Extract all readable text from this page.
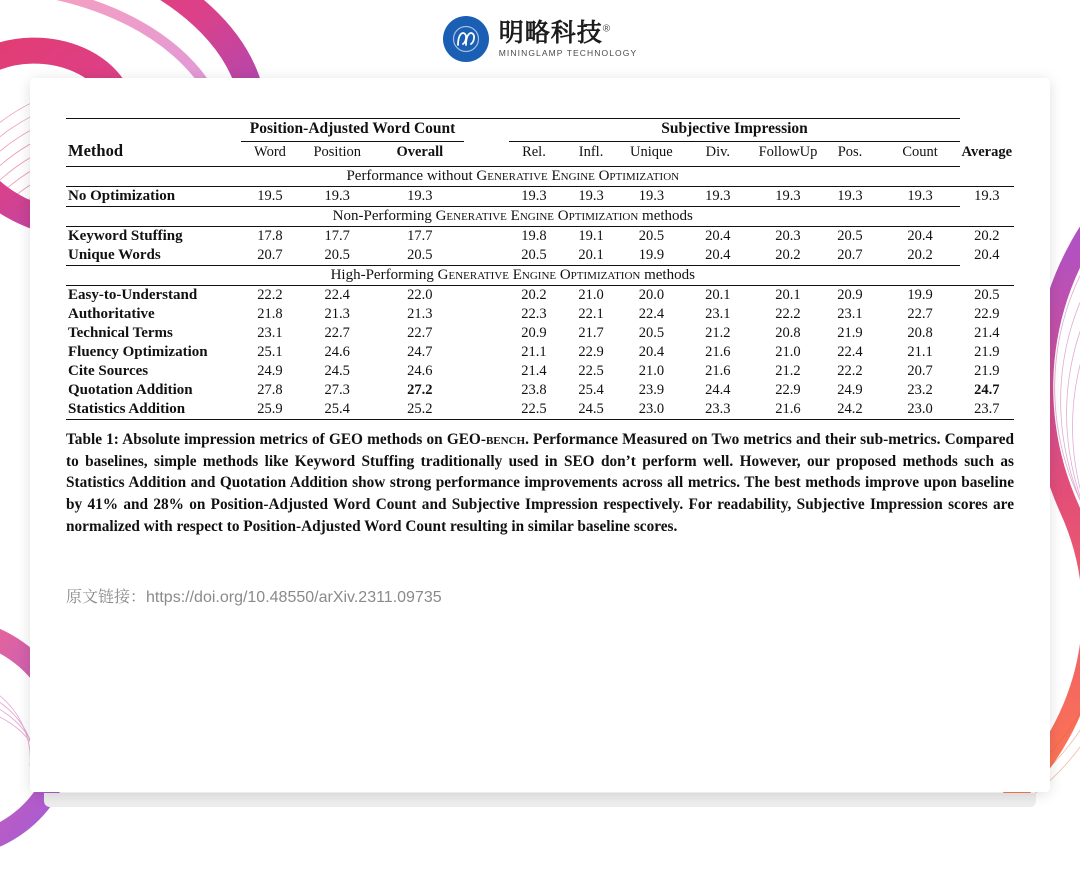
明略科技®
MININGLAMP TECHNOLOGY
Method	Position-Adjusted Word Count				Subjective Impression							
	Word	Position	Overall		Rel.	Infl.	Unique	Div.	FollowUp	Pos.	Count	Average
Performance without Generative Engine Optimization												
No Optimization	19.5	19.3	19.3		19.3	19.3	19.3	19.3	19.3	19.3	19.3	19.3
Non-Performing Generative Engine Optimization methods												
Keyword Stuffing	17.8	17.7	17.7		19.8	19.1	20.5	20.4	20.3	20.5	20.4	20.2
Unique Words	20.7	20.5	20.5		20.5	20.1	19.9	20.4	20.2	20.7	20.2	20.4
High-Performing Generative Engine Optimization methods												
Easy-to-Understand	22.2	22.4	22.0		20.2	21.0	20.0	20.1	20.1	20.9	19.9	20.5
Authoritative	21.8	21.3	21.3		22.3	22.1	22.4	23.1	22.2	23.1	22.7	22.9
Technical Terms	23.1	22.7	22.7		20.9	21.7	20.5	21.2	20.8	21.9	20.8	21.4
Fluency Optimization	25.1	24.6	24.7		21.1	22.9	20.4	21.6	21.0	22.4	21.1	21.9
Cite Sources	24.9	24.5	24.6		21.4	22.5	21.0	21.6	21.2	22.2	20.7	21.9
Quotation Addition	27.8	27.3	27.2		23.8	25.4	23.9	24.4	22.9	24.9	23.2	24.7
Statistics Addition	25.9	25.4	25.2		22.5	24.5	23.0	23.3	21.6	24.2	23.0	23.7

Table 1: Absolute impression metrics of GEO methods on GEO-bench. Performance Measured on Two metrics and their sub-metrics. Compared to baselines, simple methods like Keyword Stuffing traditionally used in SEO don’t perform well. However, our proposed methods such as Statistics Addition and Quotation Addition show strong performance improvements across all metrics. The best methods improve upon baseline by 41% and 28% on Position-Adjusted Word Count and Subjective Impression respectively. For readability, Subjective Impression scores are normalized with respect to Position-Adjusted Word Count resulting in similar baseline scores.
原文链接：https://doi.org/10.48550/arXiv.2311.09735
